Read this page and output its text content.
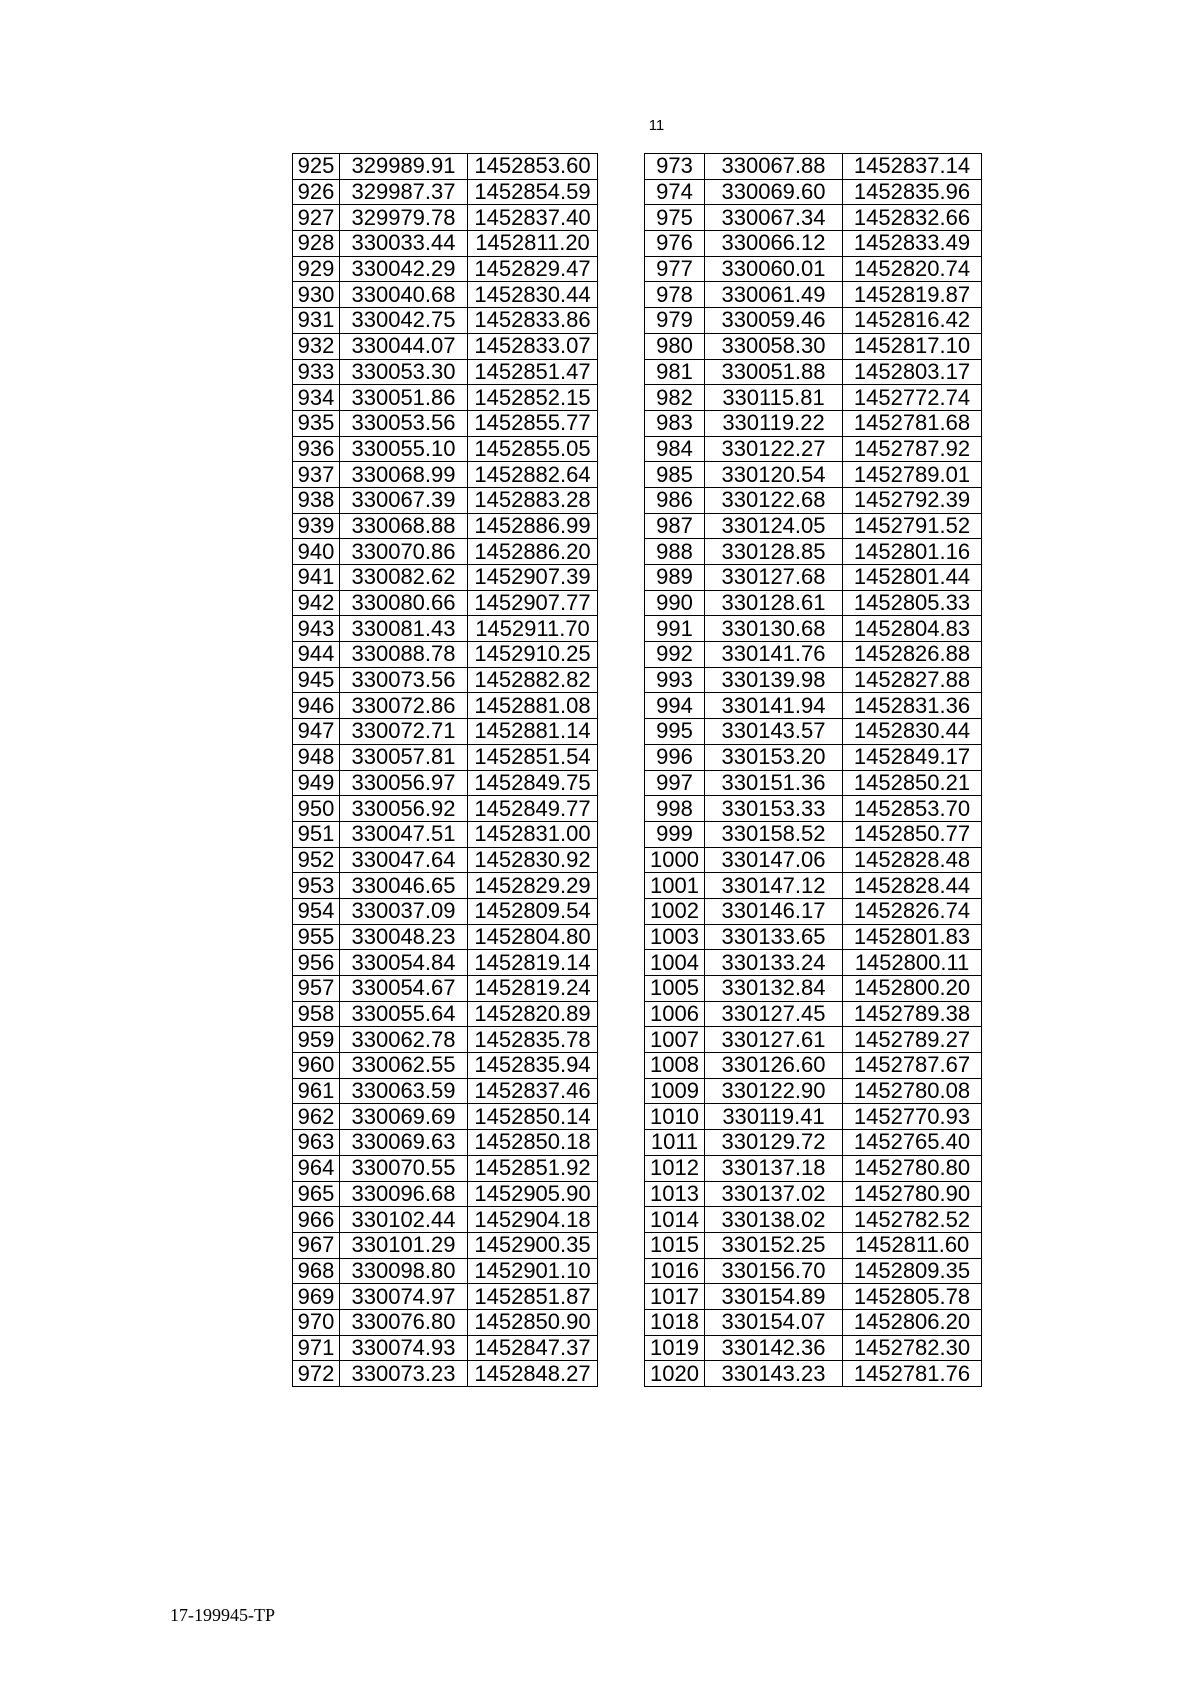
11
925	329989.91	1452853.60
926	329987.37	1452854.59
927	329979.78	1452837.40
928	330033.44	1452811.20
929	330042.29	1452829.47
930	330040.68	1452830.44
931	330042.75	1452833.86
932	330044.07	1452833.07
933	330053.30	1452851.47
934	330051.86	1452852.15
935	330053.56	1452855.77
936	330055.10	1452855.05
937	330068.99	1452882.64
938	330067.39	1452883.28
939	330068.88	1452886.99
940	330070.86	1452886.20
941	330082.62	1452907.39
942	330080.66	1452907.77
943	330081.43	1452911.70
944	330088.78	1452910.25
945	330073.56	1452882.82
946	330072.86	1452881.08
947	330072.71	1452881.14
948	330057.81	1452851.54
949	330056.97	1452849.75
950	330056.92	1452849.77
951	330047.51	1452831.00
952	330047.64	1452830.92
953	330046.65	1452829.29
954	330037.09	1452809.54
955	330048.23	1452804.80
956	330054.84	1452819.14
957	330054.67	1452819.24
958	330055.64	1452820.89
959	330062.78	1452835.78
960	330062.55	1452835.94
961	330063.59	1452837.46
962	330069.69	1452850.14
963	330069.63	1452850.18
964	330070.55	1452851.92
965	330096.68	1452905.90
966	330102.44	1452904.18
967	330101.29	1452900.35
968	330098.80	1452901.10
969	330074.97	1452851.87
970	330076.80	1452850.90
971	330074.93	1452847.37
972	330073.23	1452848.27
973	330067.88	1452837.14
974	330069.60	1452835.96
975	330067.34	1452832.66
976	330066.12	1452833.49
977	330060.01	1452820.74
978	330061.49	1452819.87
979	330059.46	1452816.42
980	330058.30	1452817.10
981	330051.88	1452803.17
982	330115.81	1452772.74
983	330119.22	1452781.68
984	330122.27	1452787.92
985	330120.54	1452789.01
986	330122.68	1452792.39
987	330124.05	1452791.52
988	330128.85	1452801.16
989	330127.68	1452801.44
990	330128.61	1452805.33
991	330130.68	1452804.83
992	330141.76	1452826.88
993	330139.98	1452827.88
994	330141.94	1452831.36
995	330143.57	1452830.44
996	330153.20	1452849.17
997	330151.36	1452850.21
998	330153.33	1452853.70
999	330158.52	1452850.77
1000	330147.06	1452828.48
1001	330147.12	1452828.44
1002	330146.17	1452826.74
1003	330133.65	1452801.83
1004	330133.24	1452800.11
1005	330132.84	1452800.20
1006	330127.45	1452789.38
1007	330127.61	1452789.27
1008	330126.60	1452787.67
1009	330122.90	1452780.08
1010	330119.41	1452770.93
1011	330129.72	1452765.40
1012	330137.18	1452780.80
1013	330137.02	1452780.90
1014	330138.02	1452782.52
1015	330152.25	1452811.60
1016	330156.70	1452809.35
1017	330154.89	1452805.78
1018	330154.07	1452806.20
1019	330142.36	1452782.30
1020	330143.23	1452781.76
17-199945-TP
